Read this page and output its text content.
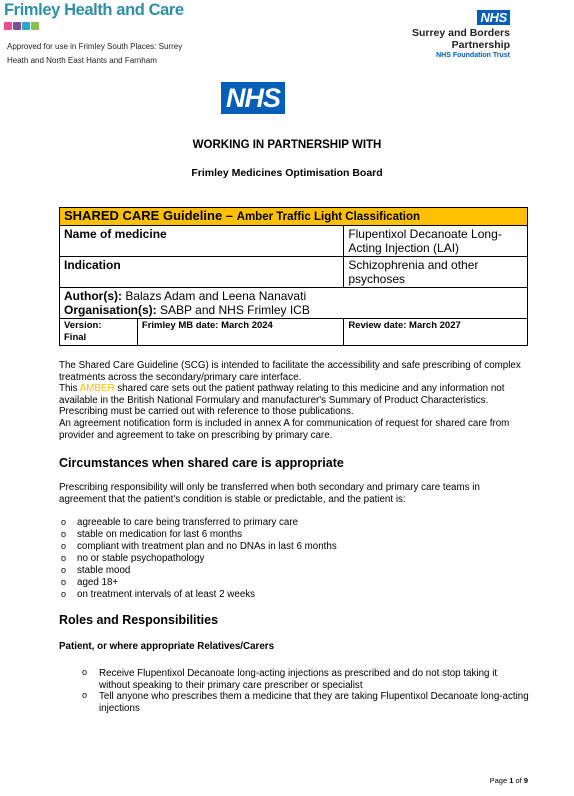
Frimley Health and Care
Approved for use in Frimley South Places: Surrey
Heath and North East Hants and Farnham
NHS
Surrey and Borders
Partnership
NHS Foundation Trust
NHS
WORKING IN PARTNERSHIP WITH
Frimley Medicines Optimisation Board
SHARED CARE Guideline – Amber Traffic Light Classification		
Name of medicine		Flupentixol Decanoate Long-Acting Injection (LAI)
Indication		Schizophrenia and other psychoses

Author(s): Balazs Adam and Leena Nanavati
Organisation(s): SABP and NHS Frimley ICB		

Version:
Final	Frimley MB date: March 2024	Review date: March 2027
The Shared Care Guideline (SCG) is intended to facilitate the accessibility and safe prescribing of complex treatments across the secondary/primary care interface.
This AMBER shared care sets out the patient pathway relating to this medicine and any information not available in the British National Formulary and manufacturer's Summary of Product Characteristics. Prescribing must be carried out with reference to those publications.
An agreement notification form is included in annex A for communication of request for shared care from provider and agreement to take on prescribing by primary care.
Circumstances when shared care is appropriate
Prescribing responsibility will only be transferred when both secondary and primary care teams in agreement that the patient's condition is stable or predictable, and the patient is:
o agreeable to care being transferred to primary care
o stable on medication for last 6 months
o compliant with treatment plan and no DNAs in last 6 months
o no or stable psychopathology
o stable mood
o aged 18+
o on treatment intervals of at least 2 weeks
Roles and Responsibilities
Patient, or where appropriate Relatives/Carers
o Receive Flupentixol Decanoate long-acting injections as prescribed and do not stop taking it without speaking to their primary care prescriber or specialist
o Tell anyone who prescribes them a medicine that they are taking Flupentixol Decanoate long-acting injections
Page 1 of 9
